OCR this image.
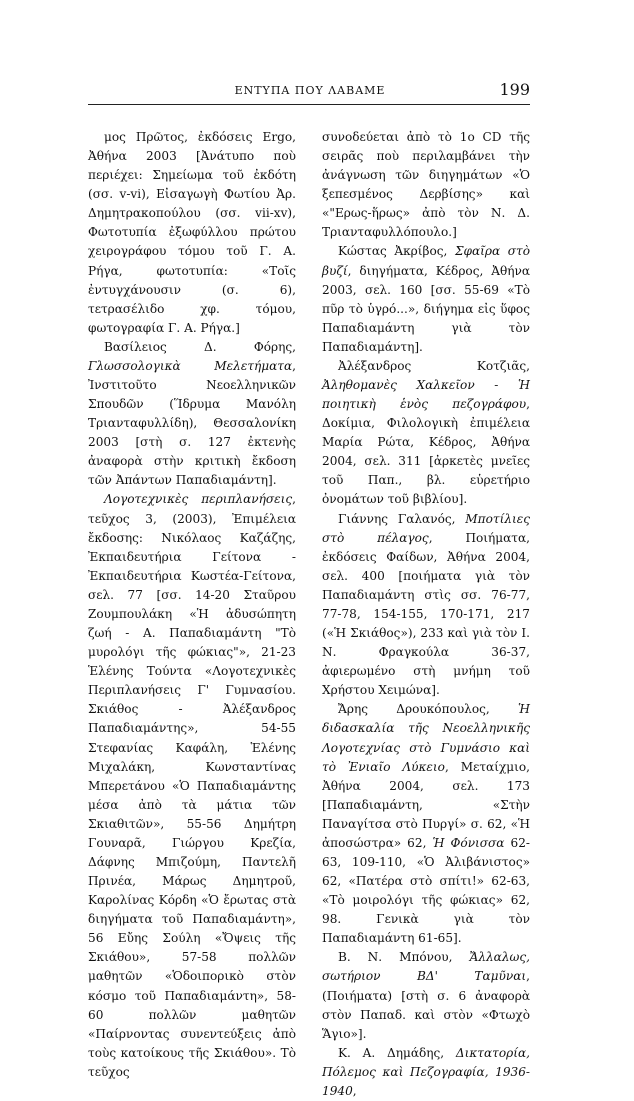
ΕΝΤΥΠΑ ΠΟΥ ΛΑΒΑΜΕ	199

μος Πρῶτος, ἐκδόσεις Ergo, Ἀθήνα 2003 [Ἀνάτυπο ποὺ περιέχει: Σημείωμα τοῦ ἐκδότη (σσ. v-vi), Εἰσαγωγὴ Φωτίου Ἀρ. Δημητρακοπούλου (σσ. vii-xv), Φωτοτυπία ἐξωφύλλου πρώτου χειρογράφου τόμου τοῦ Γ. Α. Ρήγα, φωτοτυπία: «Τοῖς ἐντυγχάνουσιν (σ. 6), τετρασέλιδο χφ. τόμου, φωτογραφία Γ. Α. Ρήγα.]

Βασίλειος Δ. Φόρης, Γλωσσολογικὰ Μελετήματα, Ἰνστιτοῦτο Νεοελληνικῶν Σπουδῶν (Ἵδρυμα Μανόλη Τριανταφυλλίδη), Θεσσαλονίκη 2003 [στὴ σ. 127 ἐκτενὴς ἀναφορὰ στὴν κριτικὴ ἔκδοση τῶν Ἀπάντων Παπαδιαμάντη].

Λογοτεχνικὲς περιπλανήσεις, τεῦχος 3, (2003), Ἐπιμέλεια ἔκδοσης: Νικόλαος Καζάζης, Ἐκπαιδευτήρια Γείτονα - Ἐκπαιδευτήρια Κωστέα-Γείτονα, σελ. 77 [σσ. 14-20 Σταῦρου Ζουμπουλάκη «Ἡ ἀδυσώπητη ζωή - Α. Παπαδιαμάντη "Τὸ μυρολόγι τῆς φώκιας"», 21-23 Ἑλένης Τούντα «Λογοτεχνικὲς Περιπλανήσεις Γ' Γυμνασίου. Σκιάθος - Ἀλέξανδρος Παπαδιαμάντης», 54-55 Στεφανίας Καφάλη, Ἑλένης Μιχαλάκη, Κωνσταντίνας Μπερετάνου «Ὁ Παπαδιαμάντης μέσα ἀπὸ τὰ μάτια τῶν Σκιαθιτῶν», 55-56 Δημήτρη Γουναρᾶ, Γιώργου Κρεζία, Δάφνης Μπιζούμη, Παντελῆ Πρινέα, Μάρως Δημητροῦ, Καρολίνας Κόρδη «Ὁ ἔρωτας στὰ διηγήματα τοῦ Παπαδιαμάντη», 56 Εὔης Σούλη «Ὄψεις τῆς Σκιάθου», 57-58 πολλῶν μαθητῶν «Ὁδοιπορικὸ στὸν κόσμο τοῦ Παπαδιαμάντη», 58-60 πολλῶν μαθητῶν «Παίρνοντας συνεντεύξεις ἀπὸ τοὺς κατοίκους τῆς Σκιάθου». Τὸ τεῦχος

συνοδεύεται ἀπὸ τὸ 1ο CD τῆς σειρᾶς ποὺ περιλαμβάνει τὴν ἀνάγνωση τῶν διηγημάτων «Ὁ ξεπεσμένος Δερβίσης» καὶ «"Ερως-ἥρως» ἀπὸ τὸν Ν. Δ. Τριανταφυλλόπουλο.]

Κώστας Ἀκρίβος, Σφαῖρα στὸ βυζί, διηγήματα, Κέδρος, Ἀθήνα 2003, σελ. 160 [σσ. 55-69 «Τὸ πῦρ τὸ ὑγρό...», διήγημα εἰς ὕφος Παπαδιαμάντη γιὰ τὸν Παπαδιαμάντη].

Ἀλέξανδρος Κοτζιᾶς, Ἀληθομανὲς Χαλκεῖον - Ἡ ποιητικὴ ἑνὸς πεζογράφου, Δοκίμια, Φιλολογικὴ ἐπιμέλεια Μαρία Ρώτα, Κέδρος, Ἀθήνα 2004, σελ. 311 [ἀρκετὲς μνεῖες τοῦ Παπ., βλ. εὑρετήριο ὀνομάτων τοῦ βιβλίου].

Γιάννης Γαλανός, Μποτίλιες στὸ πέλαγος, Ποιήματα, ἐκδόσεις Φαίδων, Ἀθήνα 2004, σελ. 400 [ποιήματα γιὰ τὸν Παπαδιαμάντη στὶς σσ. 76-77, 77-78, 154-155, 170-171, 217 («Ἡ Σκιάθος»), 233 καὶ γιὰ τὸν Ι. Ν. Φραγκούλα 36-37, ἀφιερωμένο στὴ μνήμη τοῦ Χρήστου Χειμώνα].

Ἄρης Δρουκόπουλος, Ἡ διδασκαλία τῆς Νεοελληνικῆς Λογοτεχνίας στὸ Γυμνάσιο καὶ τὸ Ἐνιαῖο Λύκειο, Μεταίχμιο, Ἀθήνα 2004, σελ. 173 [Παπαδιαμάντη, «Στὴν Παναγίτσα στὸ Πυργί» σ. 62, «Ἡ ἀποσώστρα» 62, Ἡ Φόνισσα 62-63, 109-110, «Ὁ Ἀλιβάνιστος» 62, «Πατέρα στὸ σπίτι!» 62-63, «Τὸ μοιρολόγι τῆς φώκιας» 62, 98. Γενικὰ γιὰ τὸν Παπαδιαμάντη 61-65].

Β. Ν. Μπόνου, Ἄλλαλως, σωτήριον ΒΔ' Ταμῦναι, (Ποιήματα) [στὴ σ. 6 ἀναφορὰ στὸν Παπαδ. καὶ στὸν «Φτωχὸ Ἅγιο»].

Κ. Α. Δημάδης, Δικτατορία, Πόλεμος καὶ Πεζογραφία, 1936-1940,
